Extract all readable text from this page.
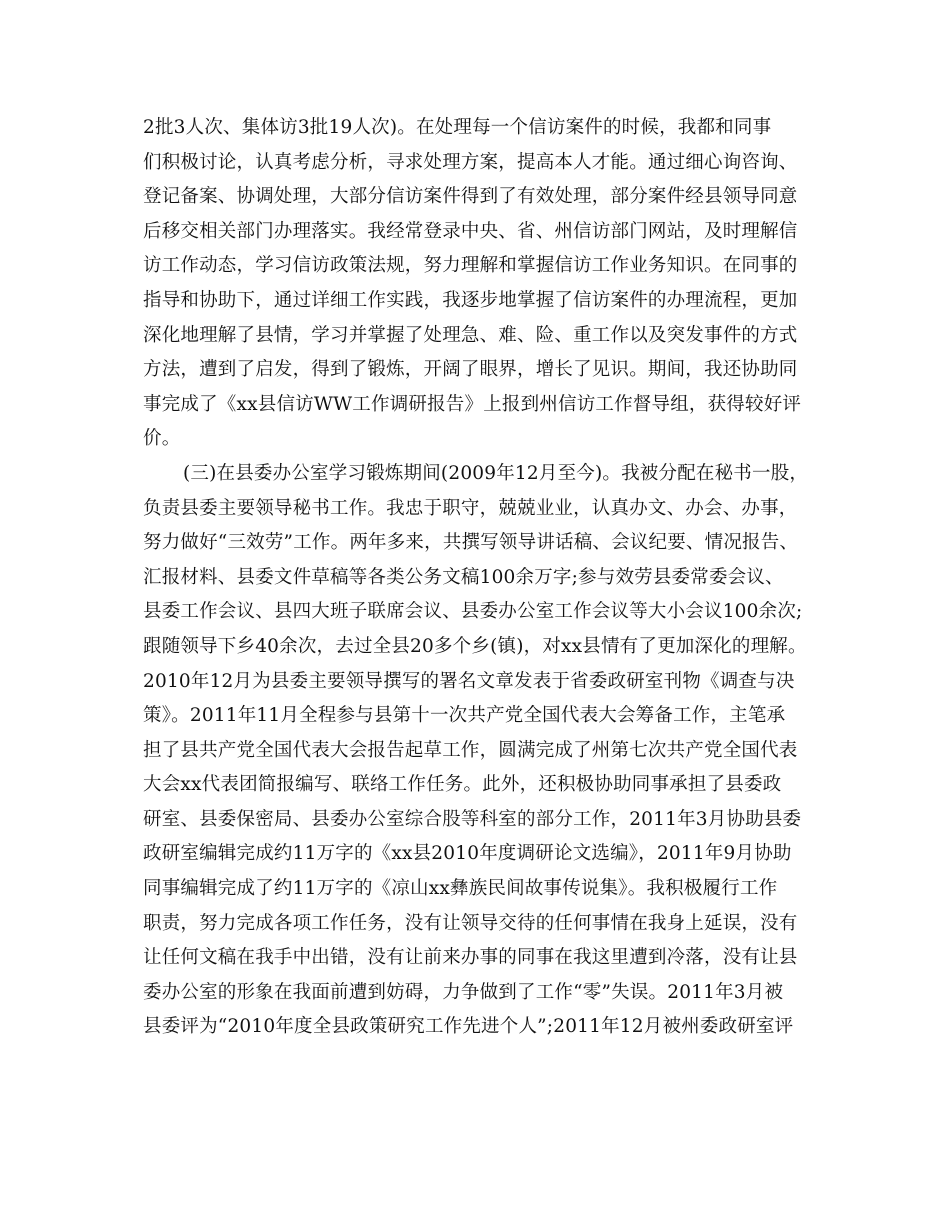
2批3人次、集体访3批19人次)。在处理每一个信访案件的时候，我都和同事
们积极讨论，认真考虑分析，寻求处理方案，提高本人才能。通过细心询咨询、
登记备案、协调处理，大部分信访案件得到了有效处理，部分案件经县领导同意
后移交相关部门办理落实。我经常登录中央、省、州信访部门网站，及时理解信
访工作动态，学习信访政策法规，努力理解和掌握信访工作业务知识。在同事的
指导和协助下，通过详细工作实践，我逐步地掌握了信访案件的办理流程，更加
深化地理解了县情，学习并掌握了处理急、难、险、重工作以及突发事件的方式
方法，遭到了启发，得到了锻炼，开阔了眼界，增长了见识。期间，我还协助同
事完成了《xx县信访WW工作调研报告》上报到州信访工作督导组，获得较好评
价。
(三)在县委办公室学习锻炼期间(2009年12月至今)。我被分配在秘书一股，
负责县委主要领导秘书工作。我忠于职守，兢兢业业，认真办文、办会、办事，
努力做好“三效劳”工作。两年多来，共撰写领导讲话稿、会议纪要、情况报告、
汇报材料、县委文件草稿等各类公务文稿100余万字;参与效劳县委常委会议、
县委工作会议、县四大班子联席会议、县委办公室工作会议等大小会议100余次;
跟随领导下乡40余次，去过全县20多个乡(镇)，对xx县情有了更加深化的理解。
2010年12月为县委主要领导撰写的署名文章发表于省委政研室刊物《调查与决
策》。2011年11月全程参与县第十一次共产党全国代表大会筹备工作，主笔承
担了县共产党全国代表大会报告起草工作，圆满完成了州第七次共产党全国代表
大会xx代表团简报编写、联络工作任务。此外，还积极协助同事承担了县委政
研室、县委保密局、县委办公室综合股等科室的部分工作，2011年3月协助县委
政研室编辑完成约11万字的《xx县2010年度调研论文选编》，2011年9月协助
同事编辑完成了约11万字的《凉山xx彝族民间故事传说集》。我积极履行工作
职责，努力完成各项工作任务，没有让领导交待的任何事情在我身上延误，没有
让任何文稿在我手中出错，没有让前来办事的同事在我这里遭到冷落，没有让县
委办公室的形象在我面前遭到妨碍，力争做到了工作“零”失误。2011年3月被
县委评为“2010年度全县政策研究工作先进个人”;2011年12月被州委政研室评
